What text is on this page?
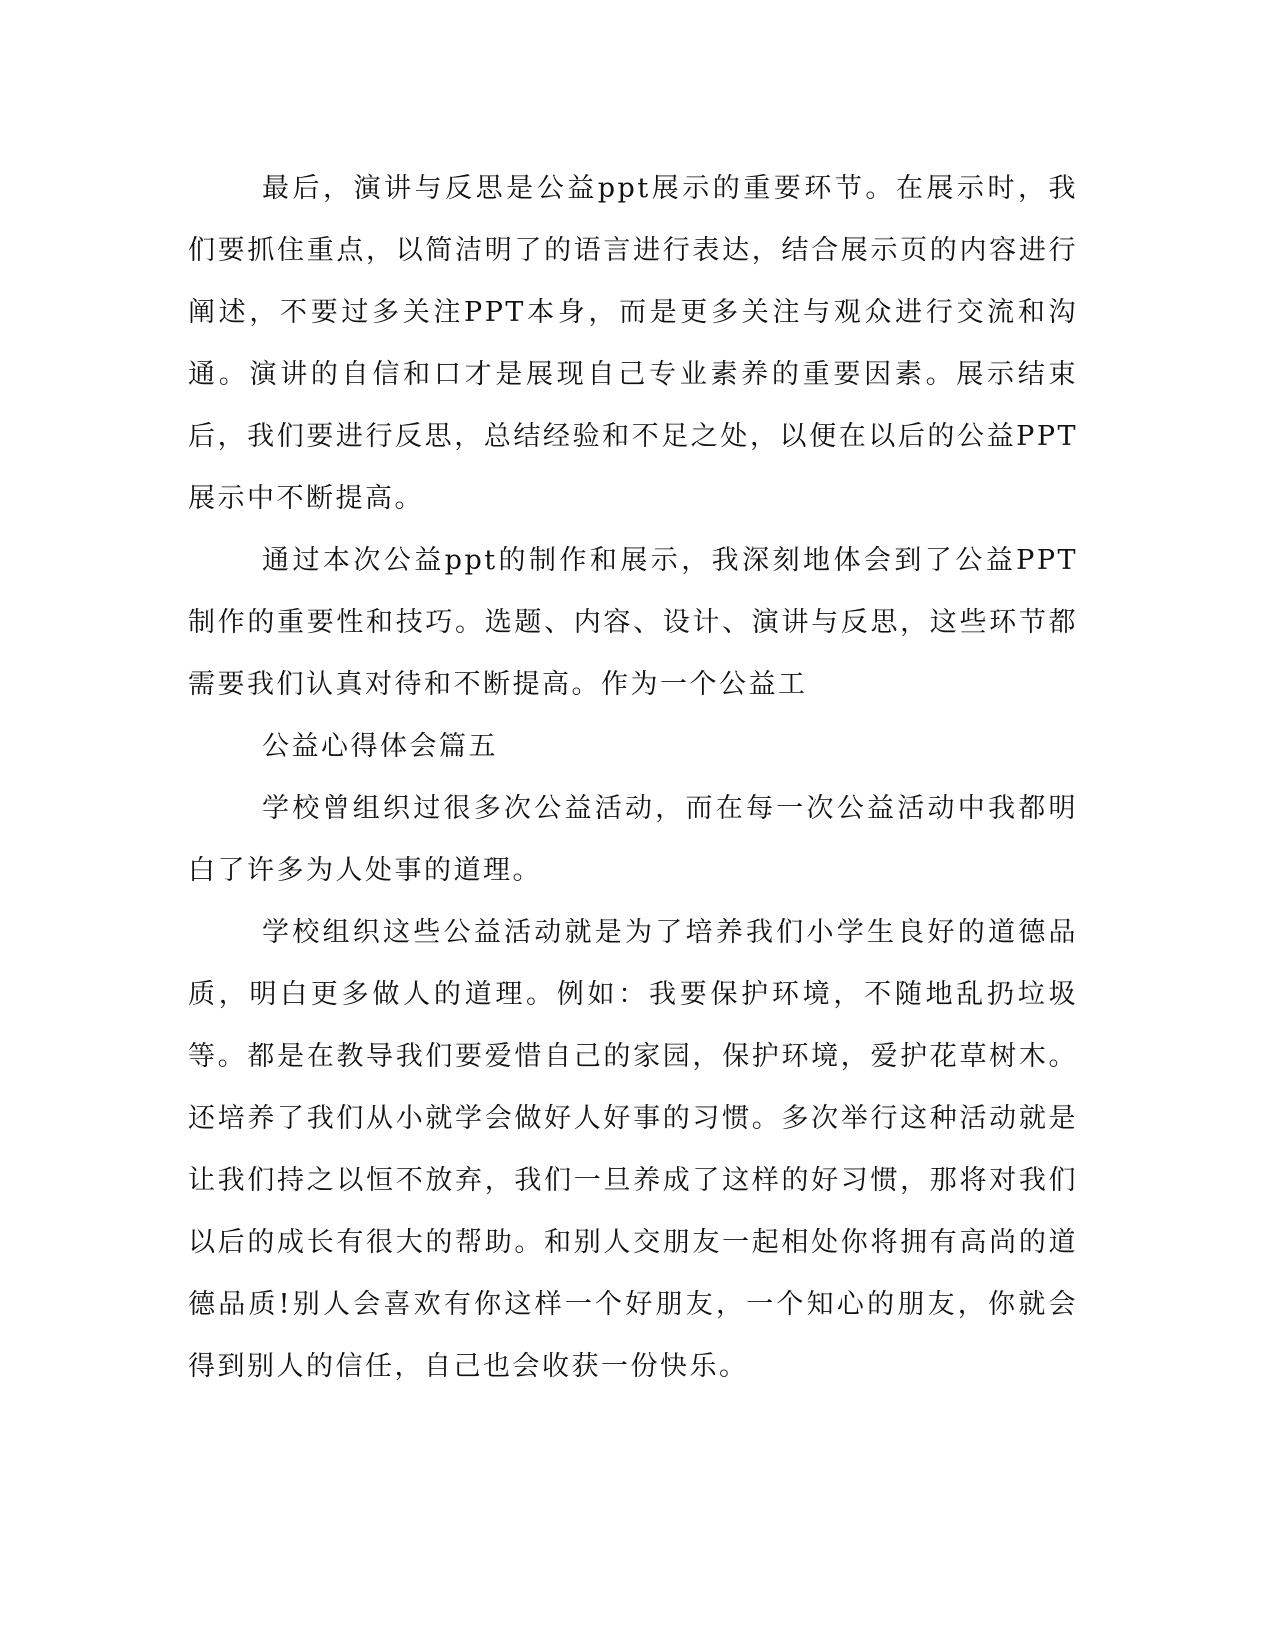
最后，演讲与反思是公益ppt展示的重要环节。在展示时，我们要抓住重点，以简洁明了的语言进行表达，结合展示页的内容进行阐述，不要过多关注PPT本身，而是更多关注与观众进行交流和沟通。演讲的自信和口才是展现自己专业素养的重要因素。展示结束后，我们要进行反思，总结经验和不足之处，以便在以后的公益PPT展示中不断提高。

通过本次公益ppt的制作和展示，我深刻地体会到了公益PPT制作的重要性和技巧。选题、内容、设计、演讲与反思，这些环节都需要我们认真对待和不断提高。作为一个公益工

公益心得体会篇五

学校曾组织过很多次公益活动，而在每一次公益活动中我都明白了许多为人处事的道理。

学校组织这些公益活动就是为了培养我们小学生良好的道德品质，明白更多做人的道理。例如：我要保护环境，不随地乱扔垃圾等。都是在教导我们要爱惜自己的家园，保护环境，爱护花草树木。还培养了我们从小就学会做好人好事的习惯。多次举行这种活动就是让我们持之以恒不放弃，我们一旦养成了这样的好习惯，那将对我们以后的成长有很大的帮助。和别人交朋友一起相处你将拥有高尚的道德品质!别人会喜欢有你这样一个好朋友，一个知心的朋友，你就会得到别人的信任，自己也会收获一份快乐。
